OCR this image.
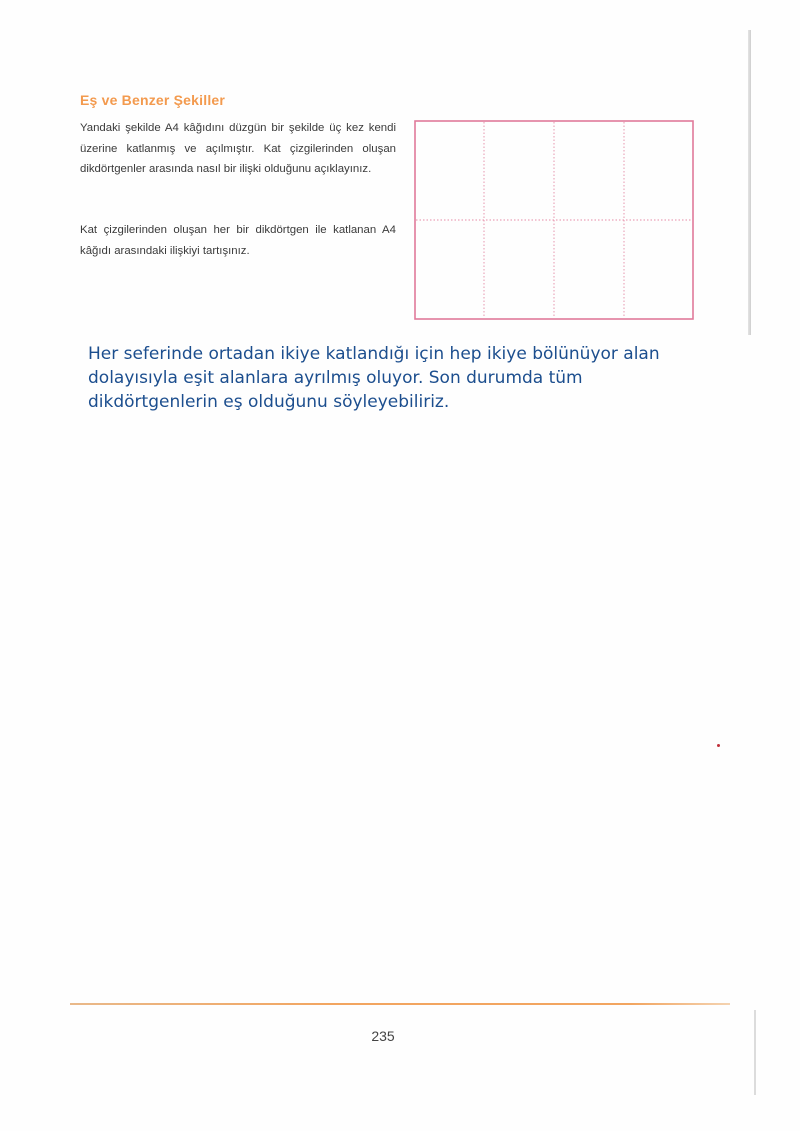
Eş ve Benzer Şekiller
Yandaki şekilde A4 kâğıdını düzgün bir şekilde üç kez kendi üzerine katlanmış ve açılmıştır. Kat çizgilerinden oluşan dikdörtgenler arasında nasıl bir ilişki olduğunu açıklayınız.
Kat çizgilerinden oluşan her bir dikdörtgen ile katlanan A4 kâğıdı arasındaki ilişkiyi tartışınız.
Her seferinde ortadan ikiye katlandığı için hep ikiye bölünüyor alan dolayısıyla eşit alanlara ayrılmış oluyor. Son durumda tüm dikdörtgenlerin eş olduğunu söyleyebiliriz.
235
